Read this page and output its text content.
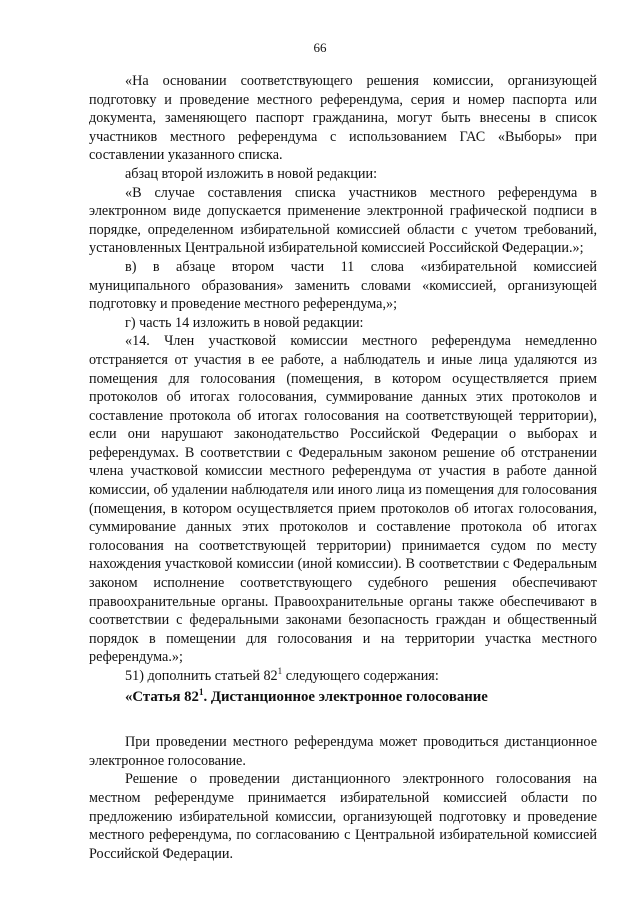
66

«На основании соответствующего решения комиссии, организующей подготовку и проведение местного референдума, серия и номер паспорта или документа, заменяющего паспорт гражданина, могут быть внесены в список участников местного референдума с использованием ГАС «Выборы» при составлении указанного списка.

абзац второй изложить в новой редакции:

«В случае составления списка участников местного референдума в электронном виде допускается применение электронной графической подписи в порядке, определенном избирательной комиссией области с учетом требований, установленных Центральной избирательной комиссией Российской Федерации.»;

в) в абзаце втором части 11 слова «избирательной комиссией муниципального образования» заменить словами «комиссией, организующей подготовку и проведение местного референдума,»;

г) часть 14 изложить в новой редакции:

«14. Член участковой комиссии местного референдума немедленно отстраняется от участия в ее работе, а наблюдатель и иные лица удаляются из помещения для голосования (помещения, в котором осуществляется прием протоколов об итогах голосования, суммирование данных этих протоколов и составление протокола об итогах голосования на соответствующей территории), если они нарушают законодательство Российской Федерации о выборах и референдумах. В соответствии с Федеральным законом решение об отстранении члена участковой комиссии местного референдума от участия в работе данной комиссии, об удалении наблюдателя или иного лица из помещения для голосования (помещения, в котором осуществляется прием протоколов об итогах голосования, суммирование данных этих протоколов и составление протокола об итогах голосования на соответствующей территории) принимается судом по месту нахождения участковой комиссии (иной комиссии). В соответствии с Федеральным законом исполнение соответствующего судебного решения обеспечивают правоохранительные органы. Правоохранительные органы также обеспечивают в соответствии с федеральными законами безопасность граждан и общественный порядок в помещении для голосования и на территории участка местного референдума.»;

51) дополнить статьей $82^1$ следующего содержания:

«Статья $82^1$. Дистанционное электронное голосование

При проведении местного референдума может проводиться дистанционное электронное голосование.

Решение о проведении дистанционного электронного голосования на местном референдуме принимается избирательной комиссией области по предложению избирательной комиссии, организующей подготовку и проведение местного референдума, по согласованию с Центральной избирательной комиссией Российской Федерации.
